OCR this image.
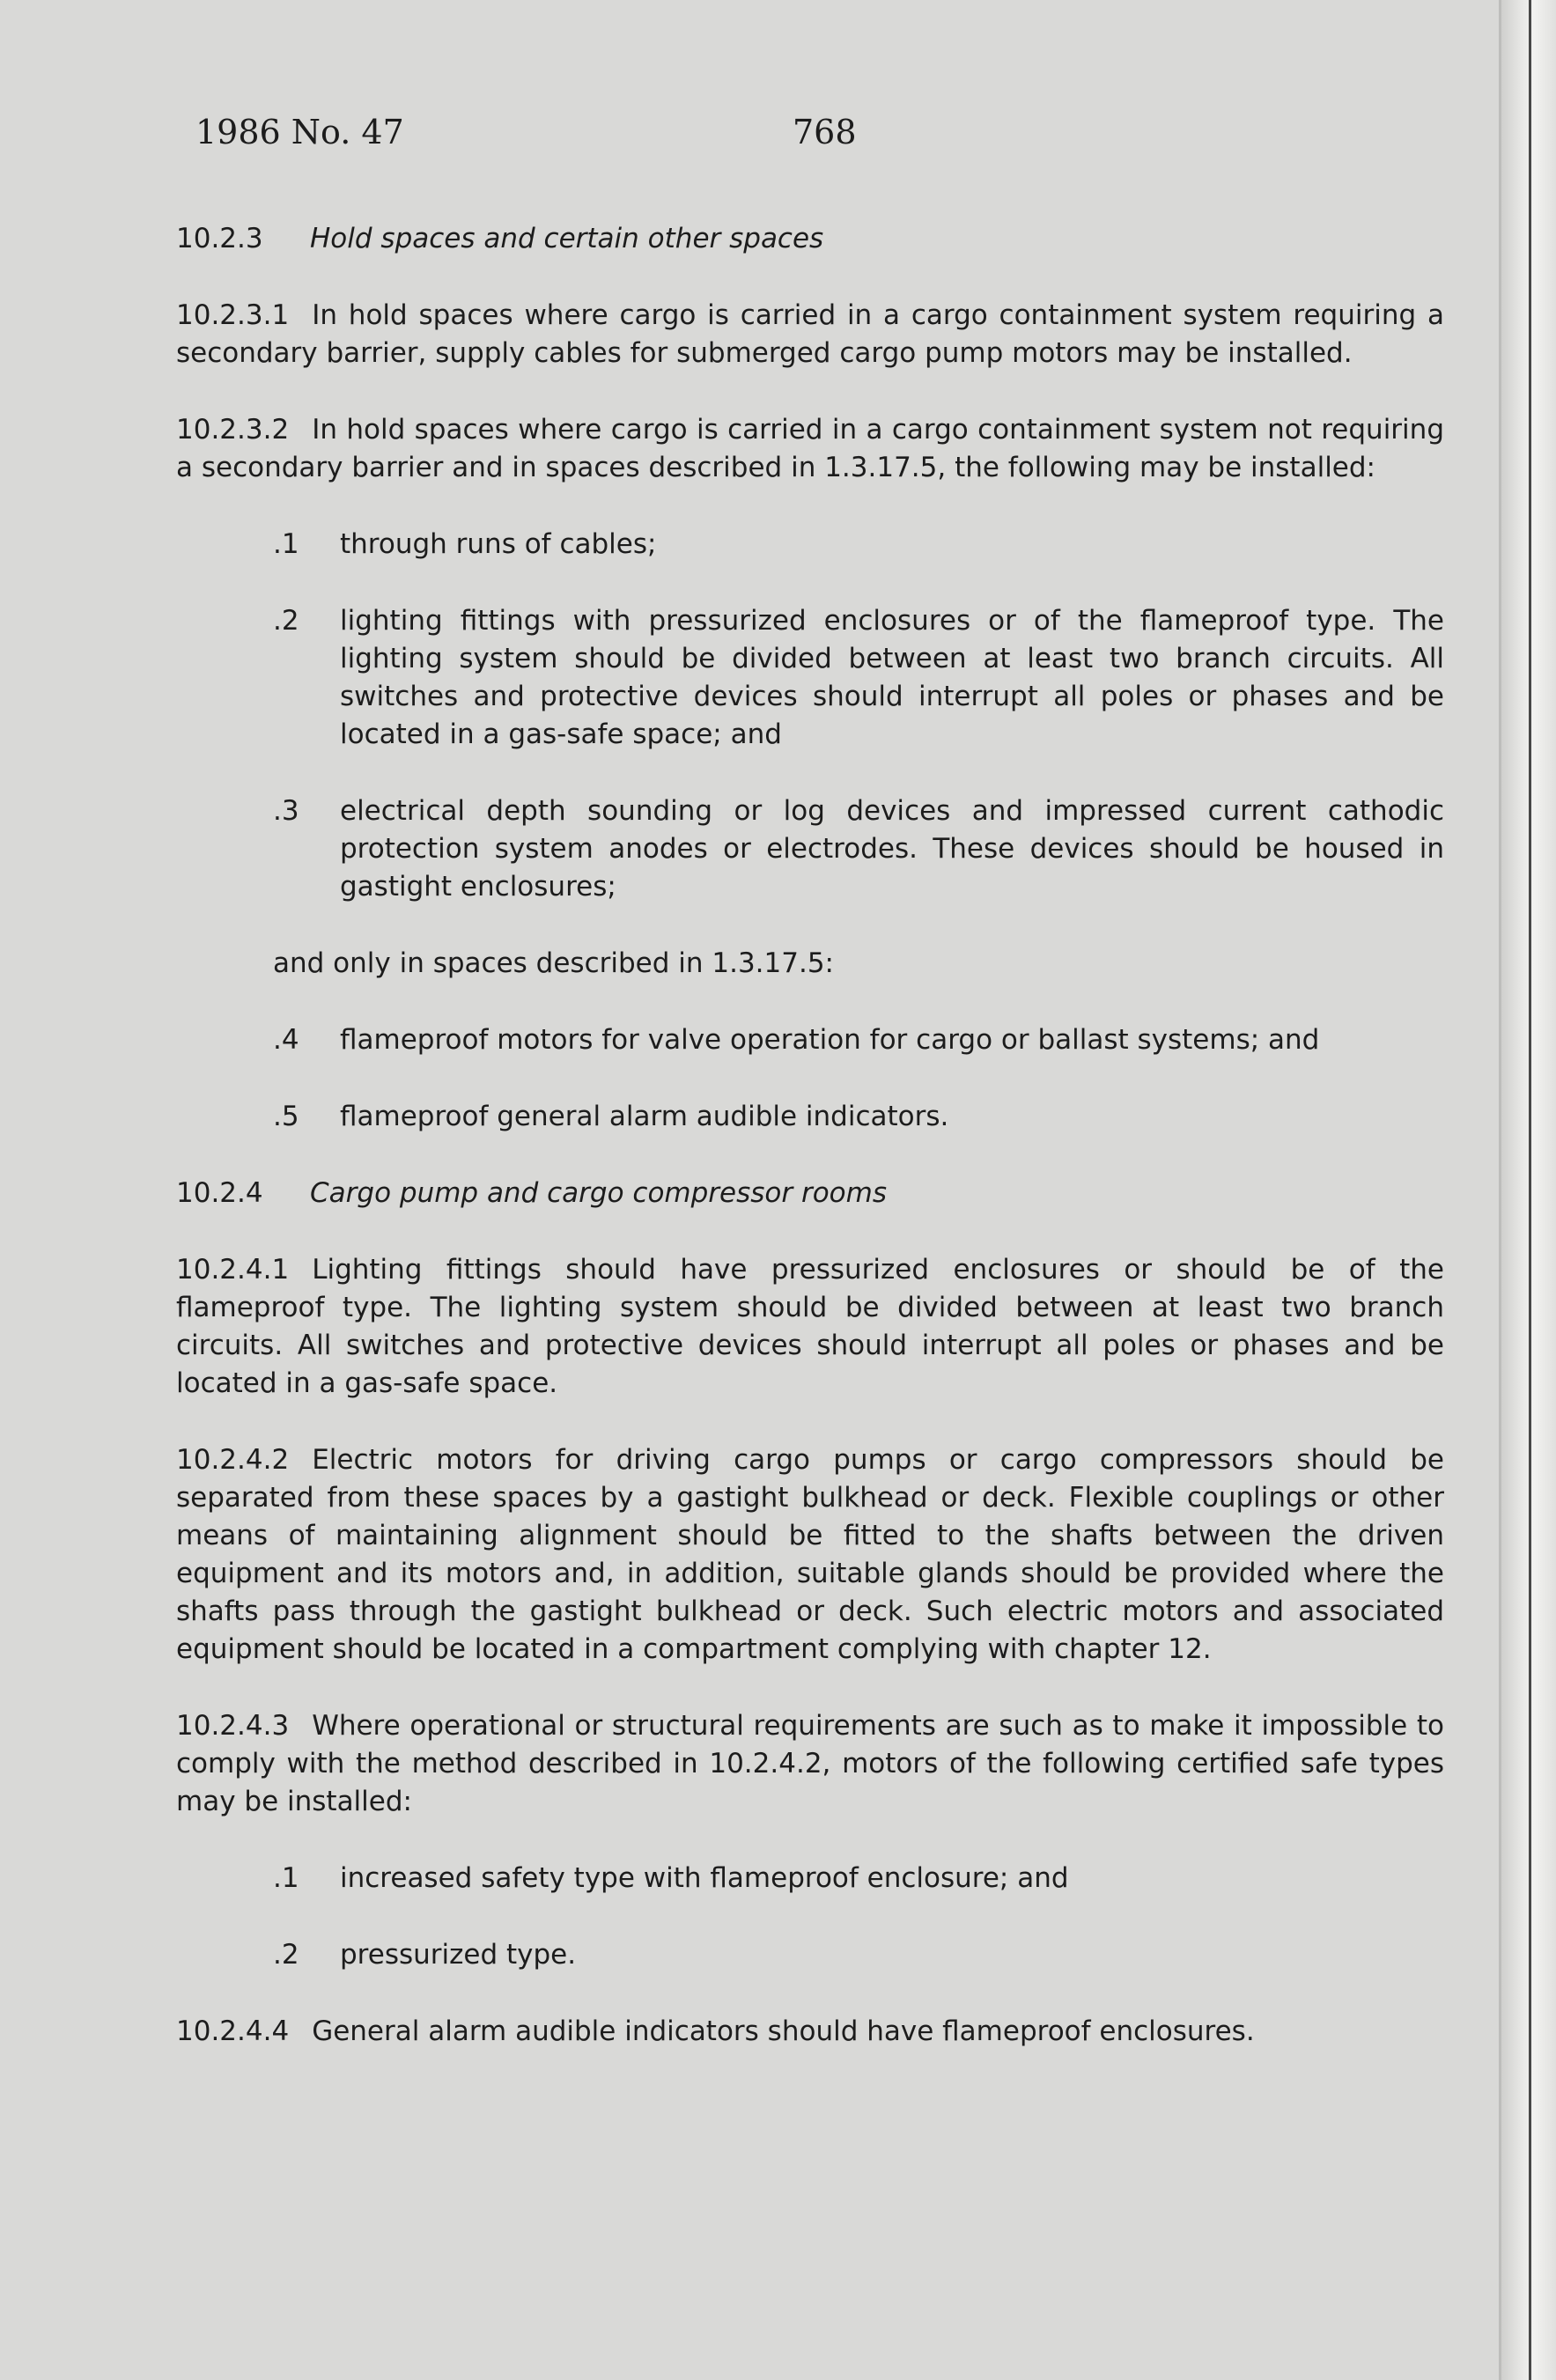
1986 No. 47	768
10.2.3	Hold spaces and certain other spaces

10.2.3.1 In hold spaces where cargo is carried in a cargo containment system requiring a secondary barrier, supply cables for submerged cargo pump motors may be installed.

10.2.3.2 In hold spaces where cargo is carried in a cargo containment system not requiring a secondary barrier and in spaces described in 1.3.17.5, the following may be installed:

.1	through runs of cables;
.2	lighting fittings with pressurized enclosures or of the flameproof type. The lighting system should be divided between at least two branch circuits. All switches and protective devices should interrupt all poles or phases and be located in a gas-safe space; and
.3	electrical depth sounding or log devices and impressed current cathodic protection system anodes or electrodes. These devices should be housed in gastight enclosures;
and only in spaces described in 1.3.17.5:
.4	flameproof motors for valve operation for cargo or ballast systems; and
.5	flameproof general alarm audible indicators.
10.2.4	Cargo pump and cargo compressor rooms

10.2.4.1 Lighting fittings should have pressurized enclosures or should be of the flameproof type. The lighting system should be divided between at least two branch circuits. All switches and protective devices should interrupt all poles or phases and be located in a gas-safe space.

10.2.4.2 Electric motors for driving cargo pumps or cargo compressors should be separated from these spaces by a gastight bulkhead or deck. Flexible couplings or other means of maintaining alignment should be fitted to the shafts between the driven equipment and its motors and, in addition, suitable glands should be provided where the shafts pass through the gastight bulkhead or deck. Such electric motors and associated equipment should be located in a compartment complying with chapter 12.

10.2.4.3 Where operational or structural requirements are such as to make it impossible to comply with the method described in 10.2.4.2, motors of the following certified safe types may be installed:

.1	increased safety type with flameproof enclosure; and
.2	pressurized type.

10.2.4.4 General alarm audible indicators should have flameproof enclosures.
